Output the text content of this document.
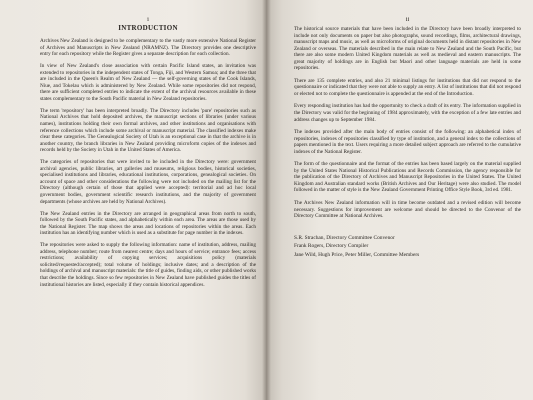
i
INTRODUCTION

Archives New Zealand is designed to be complementary to the vastly more extensive National Register of Archives and Manuscripts in New Zealand (NRAMNZ). The Directory provides one descriptive entry for each repository while the Register gives a separate description for each collection.

In view of New Zealand's close association with certain Pacific Island states, an invitation was extended to repositories in the independent states of Tonga, Fiji, and Western Samoa; and the three that are included in the Queen's Realm of New Zealand — the self-governing states of the Cook Islands, Niue, and Tokelau which is administered by New Zealand. While some repositories did not respond, there are sufficient completed entries to indicate the extent of the archival resources available in these states complementary to the South Pacific material in New Zealand repositories.

The term 'repository' has been interpreted broadly. The Directory includes 'pure' repositories such as National Archives that hold deposited archives, the manuscript sections of libraries (under various names), institutions holding their own formal archives, and other institutions and organisations with reference collections which include some archival or manuscript material. The classified indexes make clear these categories. The Genealogical Society of Utah is an exceptional case in that the archive is in another country, the branch libraries in New Zealand providing microform copies of the indexes and records held by the Society in Utah in the United States of America.

The categories of repositories that were invited to be included in the Directory were: government archival agencies, public libraries, art galleries and museums, religious bodies, historical societies, specialised institutions and libraries, educational institutions, corporations, genealogical societies. On account of space and other considerations the following were not included on the mailing list for the Directory (although certain of those that applied were accepted): territorial and ad hoc local government bodies, government scientific research institutions, and the majority of government departments (whose archives are held by National Archives).

The New Zealand entries in the Directory are arranged in geographical areas from north to south, followed by the South Pacific states, and alphabetically within each area. The areas are those used by the National Register. The map shows the areas and locations of repositories within the areas. Each institution has an identifying number which is used as a substitute for page number in the indexes.

The repositories were asked to supply the following information: name of institution, address, mailing address, telephone number; route from nearest centre; days and hours of service; entrance fees; access restrictions; availability of copying services; acquisitions policy (materials solicited/requested/accepted); total volume of holdings; inclusive dates; and a description of the holdings of archival and manuscript materials: the title of guides, finding aids, or other published works that describe the holdings. Since so few repositories in New Zealand have published guides the titles of institutional histories are listed, especially if they contain historical appendices.

ii

The historical source materials that have been included in the Directory have been broadly interpreted to include not only documents on paper but also photographs, sound recordings, films, architectural drawings, manuscript maps and music, as well as microforms of original documents held in distant repositories in New Zealand or overseas. The materials described in the main relate to New Zealand and the South Pacific, but there are also some modern United Kingdom materials as well as medieval and eastern manuscripts. The great majority of holdings are in English but Maori and other language materials are held in some repositories.

There are 135 complete entries, and also 21 minimal listings for institutions that did not respond to the questionnaire or indicated that they were not able to supply an entry. A list of institutions that did not respond or elected not to complete the questionnaire is appended at the end of the Introduction.

Every responding institution has had the opportunity to check a draft of its entry. The information supplied in the Directory was valid for the beginning of 1984 approximately, with the exception of a few late entries and address changes up to September 1984.

The indexes provided after the main body of entries consist of the following: an alphabetical index of repositories, indexes of repositories classified by type of institution, and a general index to the collections of papers mentioned in the text. Users requiring a more detailed subject approach are referred to the cumulative indexes of the National Register.

The form of the questionnaire and the format of the entries has been based largely on the material supplied by the United States National Historical Publications and Records Commission, the agency responsible for the publication of the Directory of Archives and Manuscript Repositories in the United States. The United Kingdom and Australian standard works (British Archives and Our Heritage) were also studied. The model followed in the matter of style is the New Zealand Government Printing Office Style Book, 3rd ed. 1981.

The Archives New Zealand information will in time become outdated and a revised edition will become necessary. Suggestions for improvement are welcome and should be directed to the Convenor of the Directory Committee at National Archives.

S.R. Strachan, Directory Committee Convenor
Frank Rogers, Directory Compiler
Jane Wild, Hugh Price, Peter Miller, Committee Members
